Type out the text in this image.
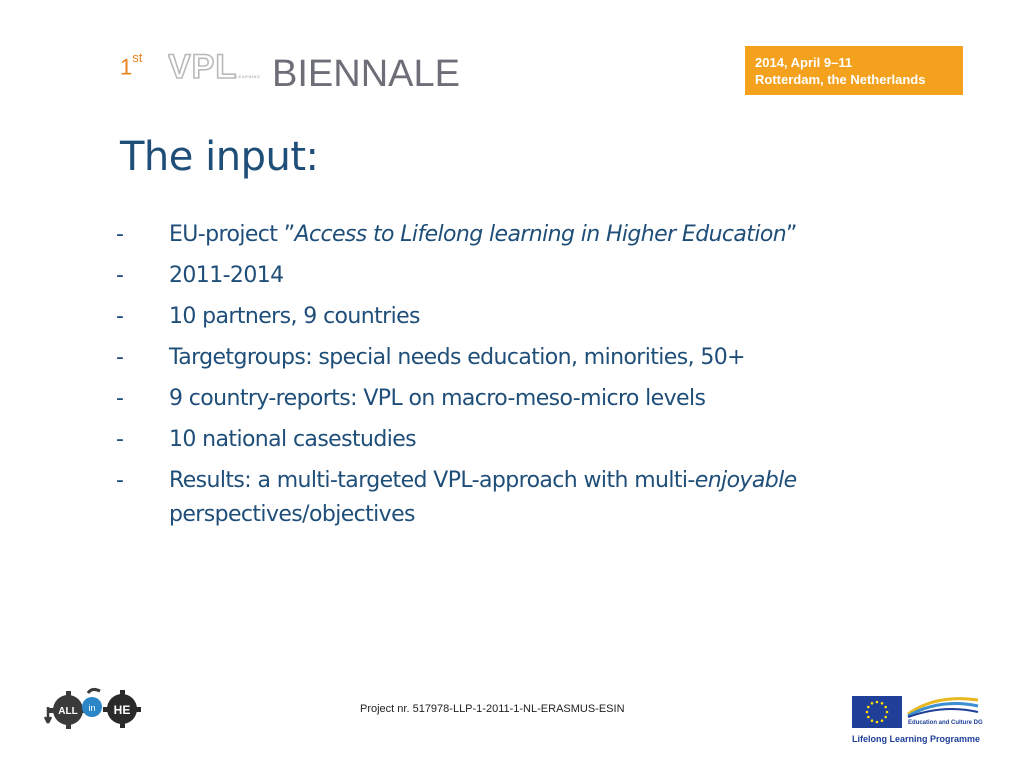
1st VPL
LEARNING BIENNALE	2014, April 9–11
Rotterdam, the Netherlands
The input:
- EU-project ”Access to Lifelong learning in Higher Education”
- 2011-2014
- 10 partners, 9 countries
- Targetgroups: special needs education, minorities, 50+
- 9 country-reports: VPL on macro-meso-micro levels
- 10 national casestudies
- Results: a multi-targeted VPL-approach with multi-enjoyable perspectives/objectives
ALL in HE	Project nr. 517978-LLP-1-2011-1-NL-ERASMUS-ESIN
Education and Culture DG
Lifelong Learning Programme
